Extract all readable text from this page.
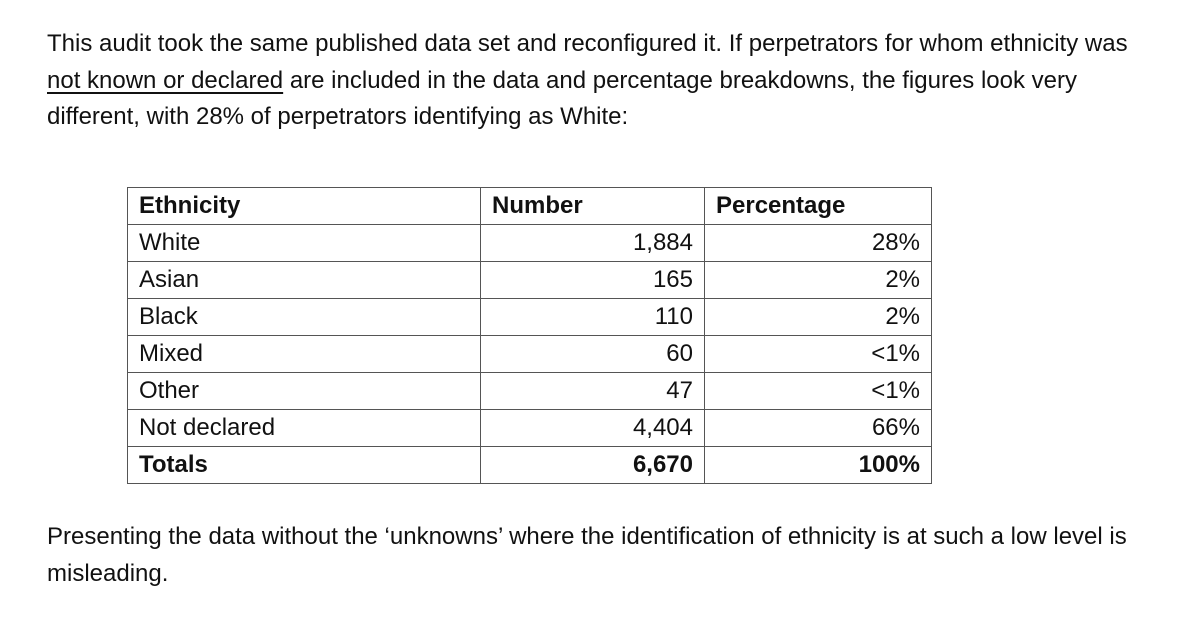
This audit took the same published data set and reconfigured it. If perpetrators for whom ethnicity was not known or declared are included in the data and percentage breakdowns, the figures look very different, with 28% of perpetrators identifying as White:

Ethnicity	Number	Percentage
White	1,884	28%
Asian	165	2%
Black	110	2%
Mixed	60	<1%
Other	47	<1%
Not declared	4,404	66%
Totals	6,670	100%

Presenting the data without the ‘unknowns’ where the identification of ethnicity is at such a low level is misleading.
